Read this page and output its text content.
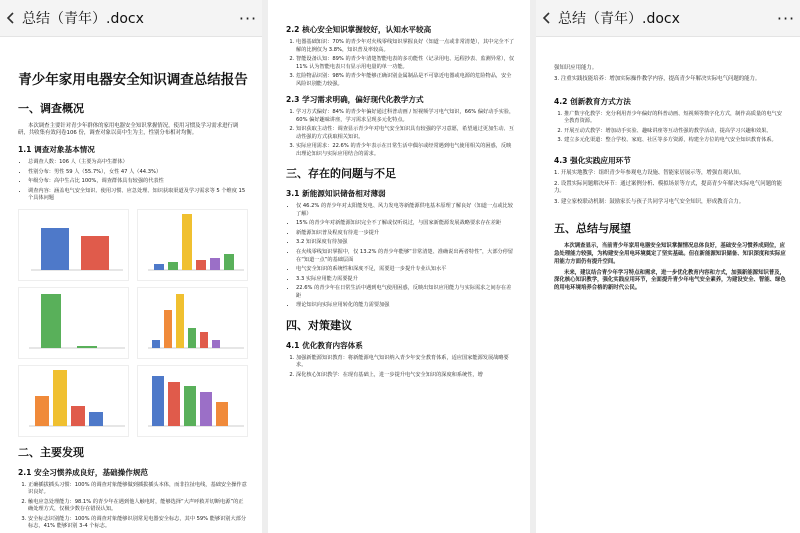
总结（青年）.docx	···
青少年家用电器安全知识调查总结报告
一、调查概况

本次调查主要针对青少年群体的家用电器安全知识掌握情况，使用习惯及学习需求进行调研，共收集有效问卷106 份，调查对象以高中生为主，性别分布相对均衡。

1.1 调查对象基本情况
• 总调查人数：106 人（主要为高中生群体）
• 性别分布：男性 59 人（55.7%），女性 47 人（44.3%）
• 年级分布：高中生占比 100%，调查群体具有较强的代表性
• 调查内容：涵盖电气安全知识、使用习惯、应急处理、知识获取渠道及学习需求等 5 个维度 15 个具体问题
二、主要发现
2.1 安全习惯养成良好，基础操作规范
1. 正确插拔插头习惯：100% 的调查对象能够做到插拔插头本体，而非拉扯电线，基础安全操作意识良好。
2. 触电应急处理能力：98.1% 的青少年在遇到他人触电时，能够选择“大声呼救并切断电源”的正确处理方式，仅极少数存在错误认知。
3. 安全标志识别能力：100% 的调查对象能够识别常见电器安全标志，其中 59% 能够识别大部分标志，41% 能够识别 3-4 个标志。
2.2 核心安全知识掌握较好，认知水平较高
1. 电器基础知识：70% 的青少年对火线零线知识掌握良好（知道一点或非常清楚），其中完全不了解的比例仅为 3.8%，知识普及率较高。
2. 智能设备认知：89% 的青少年清楚智能电表的多功能性（记录用电、远程抄表、监测异常），仅 11% 认为智能电表只有显示用电量的单一功能。
3. 危险物品识别：98% 的青少年能够正确识别金属制品是不可靠近电器或电源的危险物品，安全风险识别能力较强。
2.3 学习需求明确，偏好现代化教学方式
1. 学习方式偏好：84% 的青少年偏好通过科普动画 / 短视频学习电气知识，66% 偏好动手实验，60% 偏好趣味讲座，学习需求呈现多元化特点。
2. 知识获取主动性：调查显示青少年对电气安全知识具有较强的学习意愿，希望通过更加生动、互动性强的方式获取相关知识。
3. 实际应用需求：22.6% 的青少年表示在日常生活中偶尔或经常遇到电气使用相关的困惑，反映出理论知识与实际应用结合的需求。
三、存在的问题与不足
3.1 新能源知识储备相对薄弱
• 仅 46.2% 的青少年对太阳能发电、风力发电等新能源供电基本原理了解良好（知道一点或比较了解）
• 15% 的青少年对新能源知识完全不了解或仅听说过，与国家新能源发展战略要求存在差距
• 新能源知识普及程度有待进一步提升
• 3.2 知识深度有待加强
• 在火线零线知识掌握中，仅 13.2% 的青少年能够“非常清楚、准确说出两者特性”，大部分停留在“知道一点”的基础层面
• 电气安全知识的系统性和深度不足，需要进一步提升专业认知水平
• 3.3 实际应用能力需要提升
• 22.6% 的青少年在日常生活中遇到电气使用困惑，反映出知识应用能力与实际需求之间存在差距
• 理论知识向实际应用转化的能力需要加强
四、对策建议
4.1 优化教育内容体系
1. 加强新能源知识教育：将新能源电气知识纳入青少年安全教育体系，适应国家能源发展战略要求。
2. 深化核心知识教学：在现有基础上，进一步提升电气安全知识的深度和系统性，增
总结（青年）.docx	···

强知识应用能力。

3. 注重实践技能培养：增加实际操作教学内容，提高青少年解决实际电气问题的能力。

4.2 创新教育方式方法
1. 推广数字化教学：充分利用青少年偏好的科普动画、短视频等数字化方式，制作高质量的电气安全教育资源。
2. 开展互动式教学：增加动手实验、趣味讲座等互动性强的教学活动，提高学习兴趣和效果。
3. 建立多元化渠道：整合学校、家庭、社区等多方资源，构建全方位的电气安全知识教育体系。
4.3 强化实践应用环节

1. 开展实地教学：组织青少年参观电力设施、智能家居展示等，增强直观认知。

2. 设置实际问题解决环节：通过案例分析、模拟场景等方式，提高青少年解决实际电气问题的能力。

3. 建立家校联动机制：鼓励家长与孩子共同学习电气安全知识，形成教育合力。

五、总结与展望

本次调查显示，当前青少年家用电器安全知识掌握情况总体良好，基础安全习惯养成到位，应急处理能力较强，为构建安全用电环境奠定了坚实基础。但在新能源知识储备、知识深度和实际应用能力方面仍有提升空间。

未来，建议结合青少年学习特点和需求，进一步优化教育内容和方式，加强新能源知识普及，深化核心知识教学，强化实践应用环节，全面提升青少年电气安全素养，为建设安全、智能、绿色的用电环境培养合格的新时代公民。
